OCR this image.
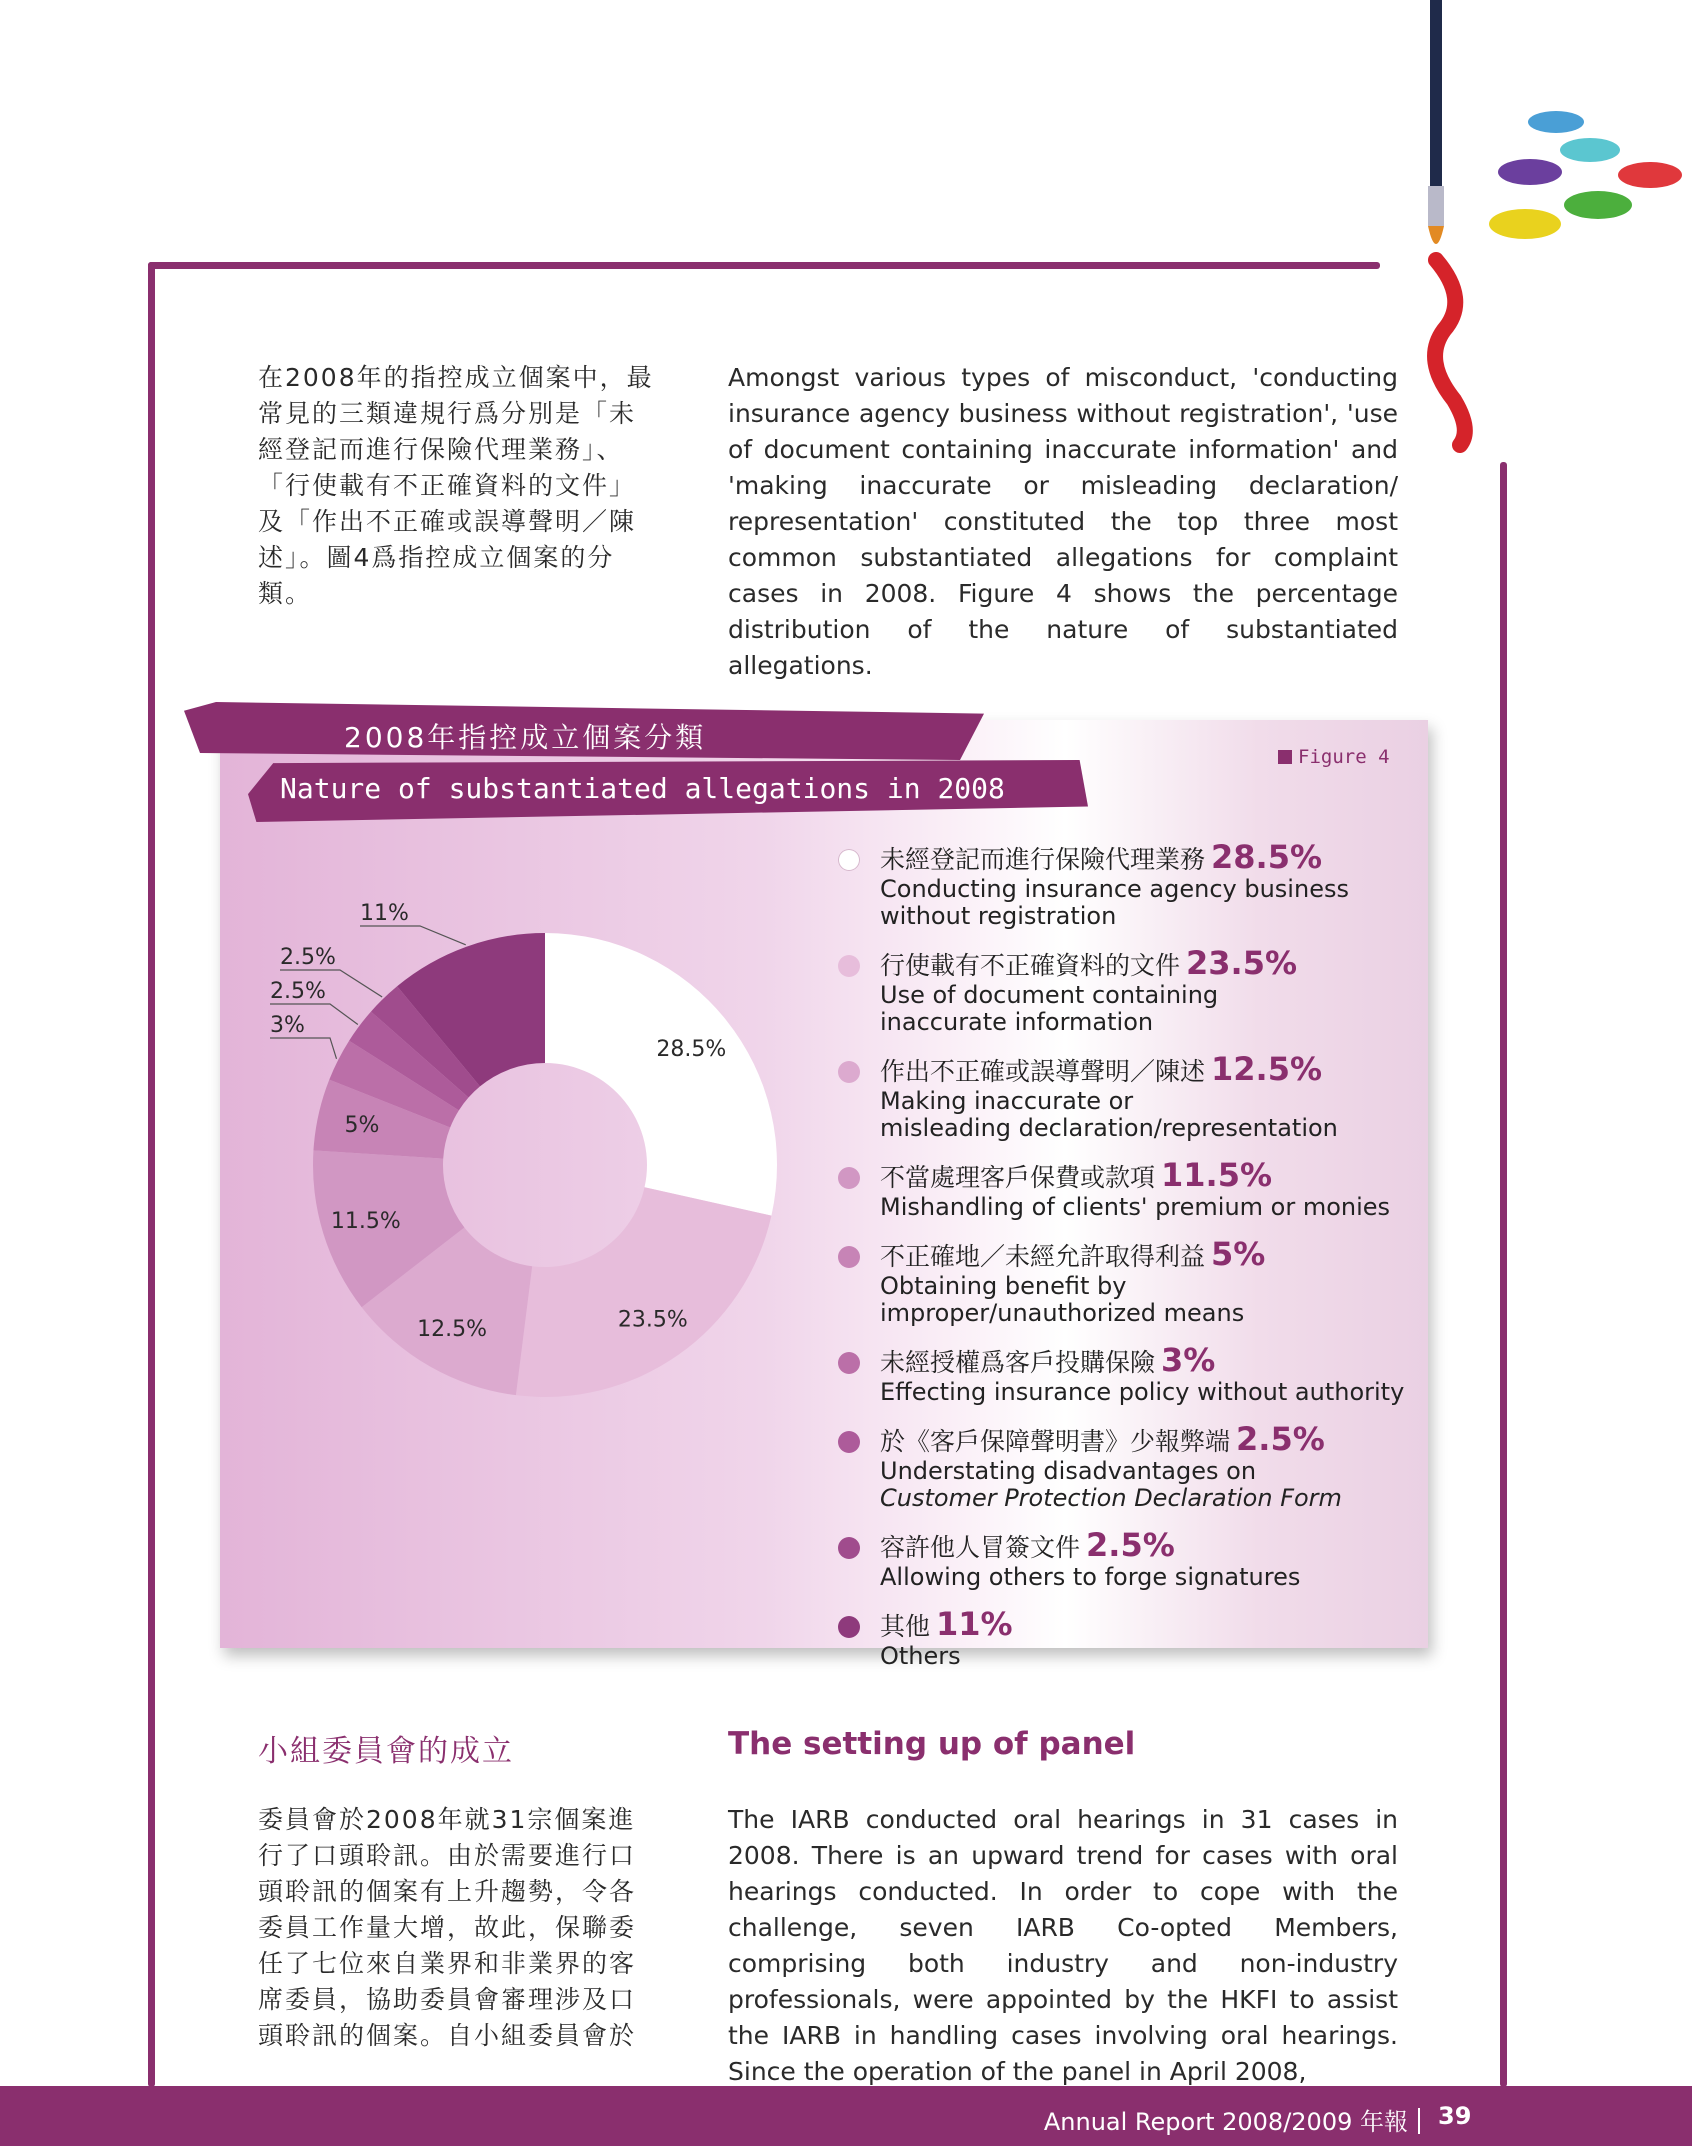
在2008年的指控成立個案中，最常見的三類違規行爲分別是「未經登記而進行保險代理業務」、「行使載有不正確資料的文件」及「作出不正確或誤導聲明／陳述」。圖4爲指控成立個案的分類。
Amongst various types of misconduct, 'conducting insurance agency business without registration', 'use of document containing inaccurate information' and 'making inaccurate or misleading declaration/ representation' constituted the top three most common substantiated allegations for complaint cases in 2008. Figure 4 shows the percentage distribution of the nature of substantiated allegations.
2008年指控成立個案分類
Nature of substantiated allegations in 2008
Figure 4
28.5%
23.5%
12.5%
11.5%
5%
3%
2.5%
2.5%
11%
未經登記而進行保險代理業務 28.5%
Conducting insurance agency business
without registration
行使載有不正確資料的文件 23.5%
Use of document containing
inaccurate information
作出不正確或誤導聲明／陳述 12.5%
Making inaccurate or
misleading declaration/representation
不當處理客戶保費或款項 11.5%
Mishandling of clients' premium or monies
不正確地／未經允許取得利益 5%
Obtaining benefit by
improper/unauthorized means
未經授權爲客戶投購保險 3%
Effecting insurance policy without authority
於《客戶保障聲明書》少報弊端 2.5%
Understating disadvantages on
Customer Protection Declaration Form
容許他人冒簽文件 2.5%
Allowing others to forge signatures
其他 11%
Others
小組委員會的成立	The setting up of panel
委員會於2008年就31宗個案進行了口頭聆訊。由於需要進行口頭聆訊的個案有上升趨勢，令各委員工作量大增，故此，保聯委任了七位來自業界和非業界的客席委員，協助委員會審理涉及口頭聆訊的個案。自小組委員會於
The IARB conducted oral hearings in 31 cases in 2008. There is an upward trend for cases with oral hearings conducted. In order to cope with the challenge, seven IARB Co-opted Members, comprising both industry and non-industry professionals, were appointed by the HKFI to assist the IARB in handling cases involving oral hearings. Since the operation of the panel in April 2008,
Annual Report 2008/2009 年報	39
